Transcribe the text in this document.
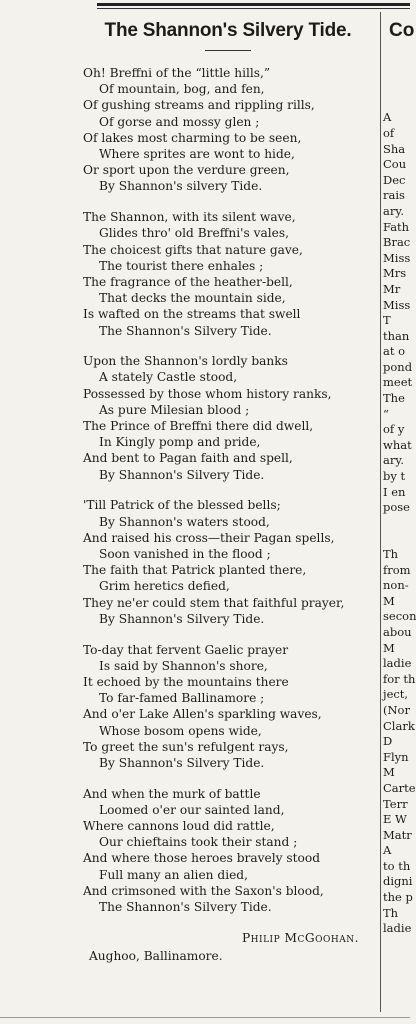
The Shannon's Silvery Tide.
Oh! Breffni of the “little hills,”
Of mountain, bog, and fen,
Of gushing streams and rippling rills,
Of gorse and mossy glen ;
Of lakes most charming to be seen,
Where sprites are wont to hide,
Or sport upon the verdure green,
By Shannon's silvery Tide.
The Shannon, with its silent wave,
Glides thro' old Breffni's vales,
The choicest gifts that nature gave,
The tourist there enhales ;
The fragrance of the heather-bell,
That decks the mountain side,
Is wafted on the streams that swell
The Shannon's Silvery Tide.
Upon the Shannon's lordly banks
A stately Castle stood,
Possessed by those whom history ranks,
As pure Milesian blood ;
The Prince of Breffni there did dwell,
In Kingly pomp and pride,
And bent to Pagan faith and spell,
By Shannon's Silvery Tide.
'Till Patrick of the blessed bells;
By Shannon's waters stood,
And raised his cross—their Pagan spells,
Soon vanished in the flood ;
The faith that Patrick planted there,
Grim heretics defied,
They ne'er could stem that faithful prayer,
By Shannon's Silvery Tide.
To-day that fervent Gaelic prayer
Is said by Shannon's shore,
It echoed by the mountains there
To far-famed Ballinamore ;
And o'er Lake Allen's sparkling waves,
Whose bosom opens wide,
To greet the sun's refulgent rays,
By Shannon's Silvery Tide.
And when the murk of battle
Loomed o'er our sainted land,
Where cannons loud did rattle,
Our chieftains took their stand ;
And where those heroes bravely stood
Full many an alien died,
And crimsoned with the Saxon's blood,
The Shannon's Silvery Tide.
Philip McGoohan.
Aughoo, Ballinamore.
Co

A
of
Sha
Cou
Dec
rais
ary.
Fath
Brac
Miss
Mrs
Mr
Miss
T
than
at o
pond
meet
The
“
of y
what
ary.
by t
I en
pose

Th
from
non-
M
secon
abou
M
ladie
for th
ject,
(Nor
Clark
D
Flyn
M
Carte
Terr
E W
Matr
A
to th
digni
the p
Th
ladie
